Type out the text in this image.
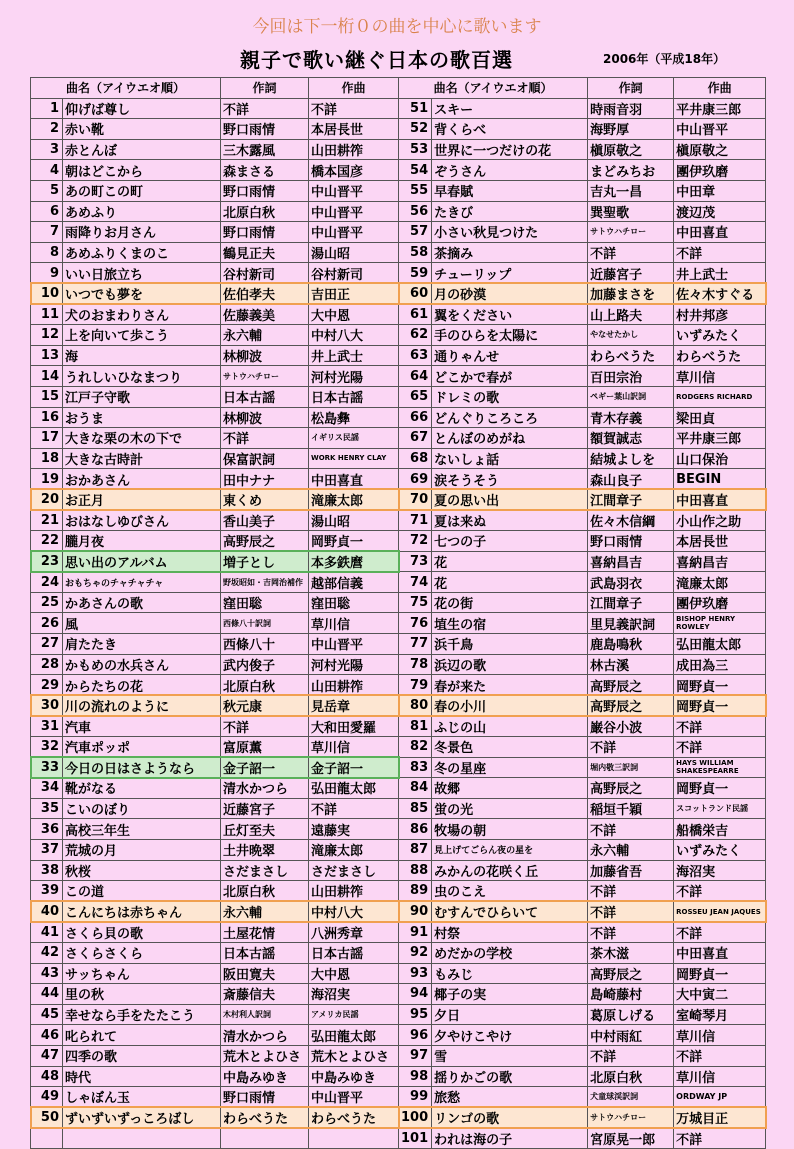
今回は下一桁０の曲を中心に歌います
親子で歌い継ぐ日本の歌百選	2006年（平成18年）
曲名（アイウエオ順）		作詞	作曲	曲名（アイウエオ順）		作詞	作曲
1	仰げば尊し	不詳	不詳	51	スキー	時雨音羽	平井康三郎
2	赤い靴	野口雨情	本居長世	52	背くらべ	海野厚	中山晋平
3	赤とんぼ	三木露風	山田耕筰	53	世界に一つだけの花	槇原敬之	槇原敬之
4	朝はどこから	森まさる	橋本国彦	54	ぞうさん	まどみちお	團伊玖磨
5	あの町この町	野口雨情	中山晋平	55	早春賦	吉丸一昌	中田章
6	あめふり	北原白秋	中山晋平	56	たきび	巽聖歌	渡辺茂
7	雨降りお月さん	野口雨情	中山晋平	57	小さい秋見つけた	サトウハチロー	中田喜直
8	あめふりくまのこ	鶴見正夫	湯山昭	58	茶摘み	不詳	不詳
9	いい日旅立ち	谷村新司	谷村新司	59	チューリップ	近藤宮子	井上武士
10	いつでも夢を	佐伯孝夫	吉田正	60	月の砂漠	加藤まさを	佐々木すぐる
11	犬のおまわりさん	佐藤義美	大中恩	61	翼をください	山上路夫	村井邦彦
12	上を向いて歩こう	永六輔	中村八大	62	手のひらを太陽に	やなせたかし	いずみたく
13	海	林柳波	井上武士	63	通りゃんせ	わらべうた	わらべうた
14	うれしいひなまつり	サトウハチロー	河村光陽	64	どこかで春が	百田宗治	草川信
15	江戸子守歌	日本古謡	日本古謡	65	ドレミの歌	ペギー葉山訳詞	RODGERS RICHARD
16	おうま	林柳波	松島彝	66	どんぐりころころ	青木存義	梁田貞
17	大きな栗の木の下で	不詳	イギリス民謡	67	とんぼのめがね	額賀誠志	平井康三郎
18	大きな古時計	保富訳詞	WORK HENRY CLAY	68	ないしょ話	結城よしを	山口保治
19	おかあさん	田中ナナ	中田喜直	69	涙そうそう	森山良子	BEGIN
20	お正月	東くめ	滝廉太郎	70	夏の思い出	江間章子	中田喜直
21	おはなしゆびさん	香山美子	湯山昭	71	夏は来ぬ	佐々木信綱	小山作之助
22	朧月夜	高野辰之	岡野貞一	72	七つの子	野口雨情	本居長世
23	思い出のアルバム	増子とし	本多鉄麿	73	花	喜納昌吉	喜納昌吉
24	おもちゃのチャチャチャ	野坂昭如・吉岡治補作	越部信義	74	花	武島羽衣	滝廉太郎
25	かあさんの歌	窪田聡	窪田聡	75	花の街	江間章子	團伊玖磨
26	風	西條八十訳詞	草川信	76	埴生の宿	里見義訳詞	BISHOP HENRY ROWLEY
27	肩たたき	西條八十	中山晋平	77	浜千鳥	鹿島鳴秋	弘田龍太郎
28	かもめの水兵さん	武内俊子	河村光陽	78	浜辺の歌	林古溪	成田為三
29	からたちの花	北原白秋	山田耕筰	79	春が来た	高野辰之	岡野貞一
30	川の流れのように	秋元康	見岳章	80	春の小川	高野辰之	岡野貞一
31	汽車	不詳	大和田愛羅	81	ふじの山	巌谷小波	不詳
32	汽車ポッポ	富原薫	草川信	82	冬景色	不詳	不詳
33	今日の日はさようなら	金子詔一	金子詔一	83	冬の星座	堀内敬三訳詞	HAYS WILLIAM SHAKESPEARRE
34	靴がなる	清水かつら	弘田龍太郎	84	故郷	高野辰之	岡野貞一
35	こいのぼり	近藤宮子	不詳	85	蛍の光	稲垣千穎	スコットランド民謡
36	高校三年生	丘灯至夫	遠藤実	86	牧場の朝	不詳	船橋栄吉
37	荒城の月	土井晩翠	滝廉太郎	87	見上げてごらん夜の星を	永六輔	いずみたく
38	秋桜	さだまさし	さだまさし	88	みかんの花咲く丘	加藤省吾	海沼実
39	この道	北原白秋	山田耕筰	89	虫のこえ	不詳	不詳
40	こんにちは赤ちゃん	永六輔	中村八大	90	むすんでひらいて	不詳	ROSSEU JEAN JAQUES
41	さくら貝の歌	土屋花情	八洲秀章	91	村祭	不詳	不詳
42	さくらさくら	日本古謡	日本古謡	92	めだかの学校	茶木滋	中田喜直
43	サッちゃん	阪田寛夫	大中恩	93	もみじ	高野辰之	岡野貞一
44	里の秋	斎藤信夫	海沼実	94	椰子の実	島崎藤村	大中寅二
45	幸せなら手をたたこう	木村利人訳詞	アメリカ民謡	95	夕日	葛原しげる	室崎琴月
46	叱られて	清水かつら	弘田龍太郎	96	夕やけこやけ	中村雨紅	草川信
47	四季の歌	荒木とよひさ	荒木とよひさ	97	雪	不詳	不詳
48	時代	中島みゆき	中島みゆき	98	揺りかごの歌	北原白秋	草川信
49	しゃぼん玉	野口雨情	中山晋平	99	旅愁	犬童球渓訳詞	ORDWAY JP
50	ずいずいずっころばし	わらべうた	わらべうた	100	リンゴの歌	サトウハチロー	万城目正
				101	われは海の子	宮原晃一郎	不詳
